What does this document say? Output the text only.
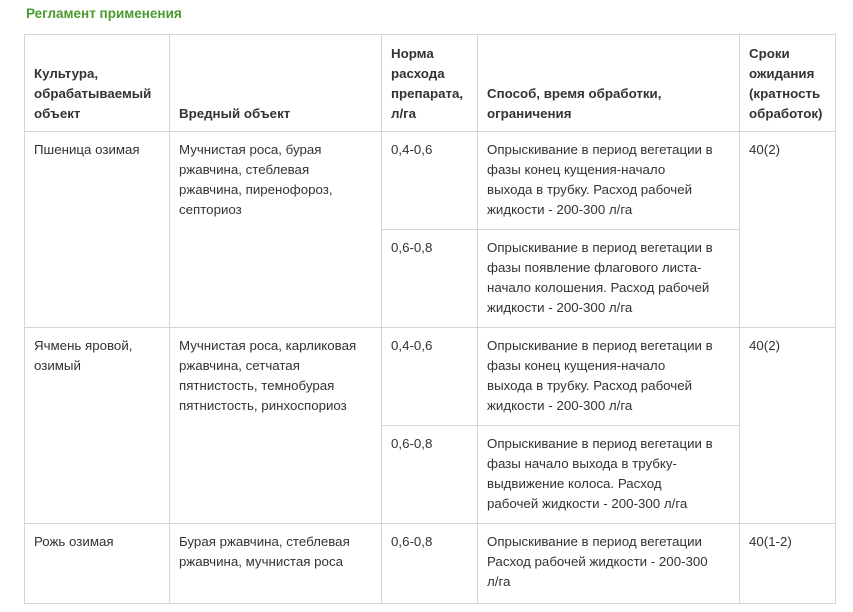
Регламент применения
Культура,
обрабатываемый
объект	Вредный объект	Норма
расхода
препарата,
л/га	Способ, время обработки,
ограничения	Сроки
ожидания
(кратность
обработок)
Пшеница озимая	Мучнистая роса, бурая
ржавчина, стеблевая
ржавчина, пиренофороз,
септориоз	0,4-0,6	Опрыскивание в период вегетации в
фазы конец кущения-начало
выхода в трубку. Расход рабочей
жидкости - 200-300 л/га	40(2)
		0,6-0,8	Опрыскивание в период вегетации в
фазы появление флагового листа-
начало колошения. Расход рабочей
жидкости - 200-300 л/га	
Ячмень яровой,
озимый	Мучнистая роса, карликовая
ржавчина, сетчатая
пятнистость, темнобурая
пятнистость, ринхоспориоз	0,4-0,6	Опрыскивание в период вегетации в
фазы конец кущения-начало
выхода в трубку. Расход рабочей
жидкости - 200-300 л/га	40(2)
		0,6-0,8	Опрыскивание в период вегетации в
фазы начало выхода в трубку-
выдвижение колоса. Расход
рабочей жидкости - 200-300 л/га	
Рожь озимая	Бурая ржавчина, стеблевая
ржавчина, мучнистая роса	0,6-0,8	Опрыскивание в период вегетации
Расход рабочей жидкости - 200-300
л/га	40(1-2)
